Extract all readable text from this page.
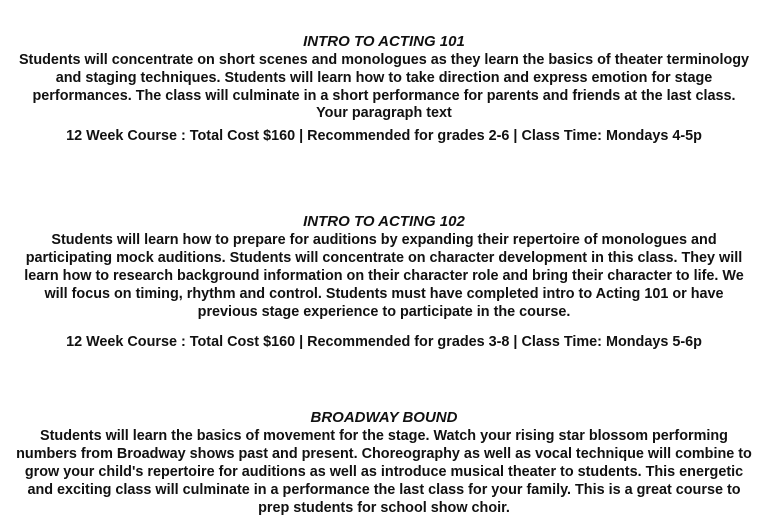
INTRO TO ACTING 101

Students will concentrate on short scenes and monologues as they learn the basics of theater terminology and staging techniques. Students will learn how to take direction and express emotion for stage performances. The class will culminate in a short performance for parents and friends at the last class.

Your paragraph text

12 Week Course : Total Cost $160 | Recommended for grades 2-6 | Class Time: Mondays 4-5p

INTRO TO ACTING 102

Students will learn how to prepare for auditions by expanding their repertoire of monologues and participating mock auditions. Students will concentrate on character development in this class. They will learn how to research background information on their character role and bring their character to life. We will focus on timing, rhythm and control. Students must have completed intro to Acting 101 or have previous stage experience to participate in the course.

12 Week Course : Total Cost $160 | Recommended for grades 3-8 | Class Time: Mondays 5-6p

BROADWAY BOUND

Students will learn the basics of movement for the stage. Watch your rising star blossom performing numbers from Broadway shows past and present. Choreography as well as vocal technique will combine to grow your child's repertoire for auditions as well as introduce musical theater to students. This energetic and exciting class will culminate in a performance the last class for your family. This is a great course to prep students for school show choir.
